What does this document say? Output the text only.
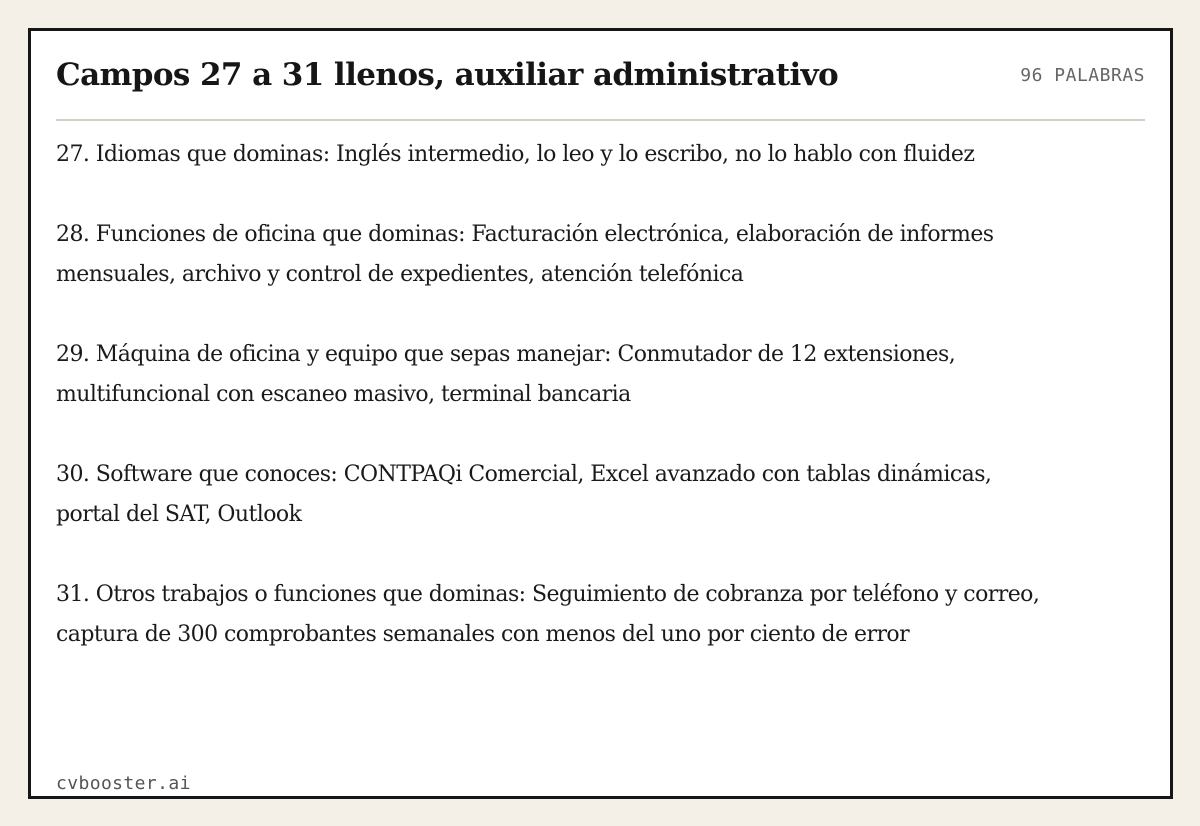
Campos 27 a 31 llenos, auxiliar administrativo	96 PALABRAS

27. Idiomas que dominas: Inglés intermedio, lo leo y lo escribo, no lo hablo con fluidez

28. Funciones de oficina que dominas: Facturación electrónica, elaboración de informes mensuales, archivo y control de expedientes, atención telefónica

29. Máquina de oficina y equipo que sepas manejar: Conmutador de 12 extensiones, multifuncional con escaneo masivo, terminal bancaria

30. Software que conoces: CONTPAQi Comercial, Excel avanzado con tablas dinámicas, portal del SAT, Outlook

31. Otros trabajos o funciones que dominas: Seguimiento de cobranza por teléfono y correo, captura de 300 comprobantes semanales con menos del uno por ciento de error

cvbooster.ai
